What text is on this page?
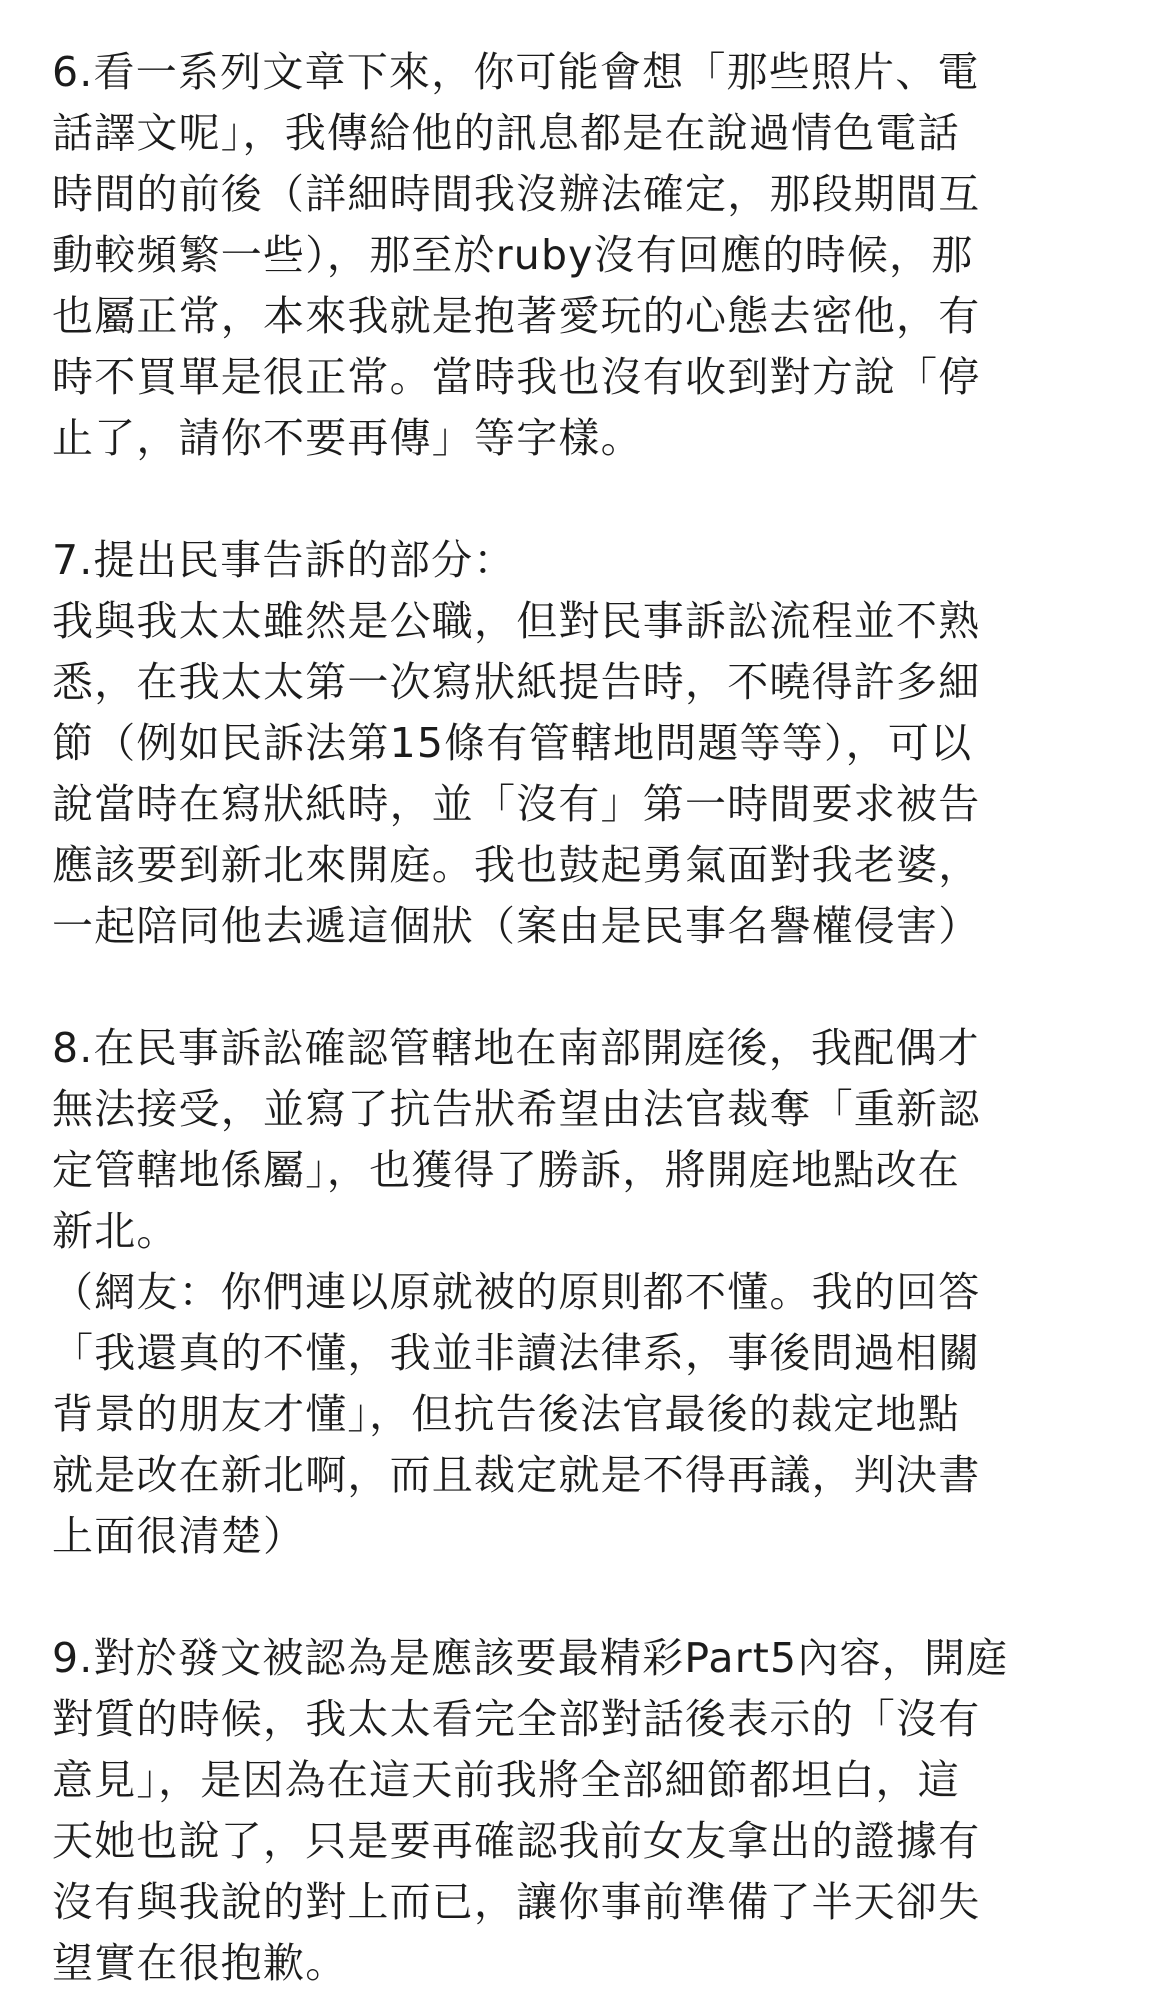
6.看一系列文章下來，你可能會想「那些照片、電
話譯文呢」，我傳給他的訊息都是在說過情色電話
時間的前後（詳細時間我沒辦法確定，那段期間互
動較頻繁一些），那至於ruby沒有回應的時候，那
也屬正常，本來我就是抱著愛玩的心態去密他，有
時不買單是很正常。當時我也沒有收到對方說「停
止了，請你不要再傳」等字樣。
7.提出民事告訴的部分：
我與我太太雖然是公職，但對民事訴訟流程並不熟
悉，在我太太第一次寫狀紙提告時，不曉得許多細
節（例如民訴法第15條有管轄地問題等等），可以
說當時在寫狀紙時，並「沒有」第一時間要求被告
應該要到新北來開庭。我也鼓起勇氣面對我老婆，
一起陪同他去遞這個狀（案由是民事名譽權侵害）
8.在民事訴訟確認管轄地在南部開庭後，我配偶才
無法接受，並寫了抗告狀希望由法官裁奪「重新認
定管轄地係屬」，也獲得了勝訴，將開庭地點改在
新北。
（網友：你們連以原就被的原則都不懂。我的回答
「我還真的不懂，我並非讀法律系，事後問過相關
背景的朋友才懂」，但抗告後法官最後的裁定地點
就是改在新北啊，而且裁定就是不得再議，判決書
上面很清楚）
9.對於發文被認為是應該要最精彩Part5內容，開庭
對質的時候，我太太看完全部對話後表示的「沒有
意見」，是因為在這天前我將全部細節都坦白，這
天她也說了，只是要再確認我前女友拿出的證據有
沒有與我說的對上而已，讓你事前準備了半天卻失
望實在很抱歉。
